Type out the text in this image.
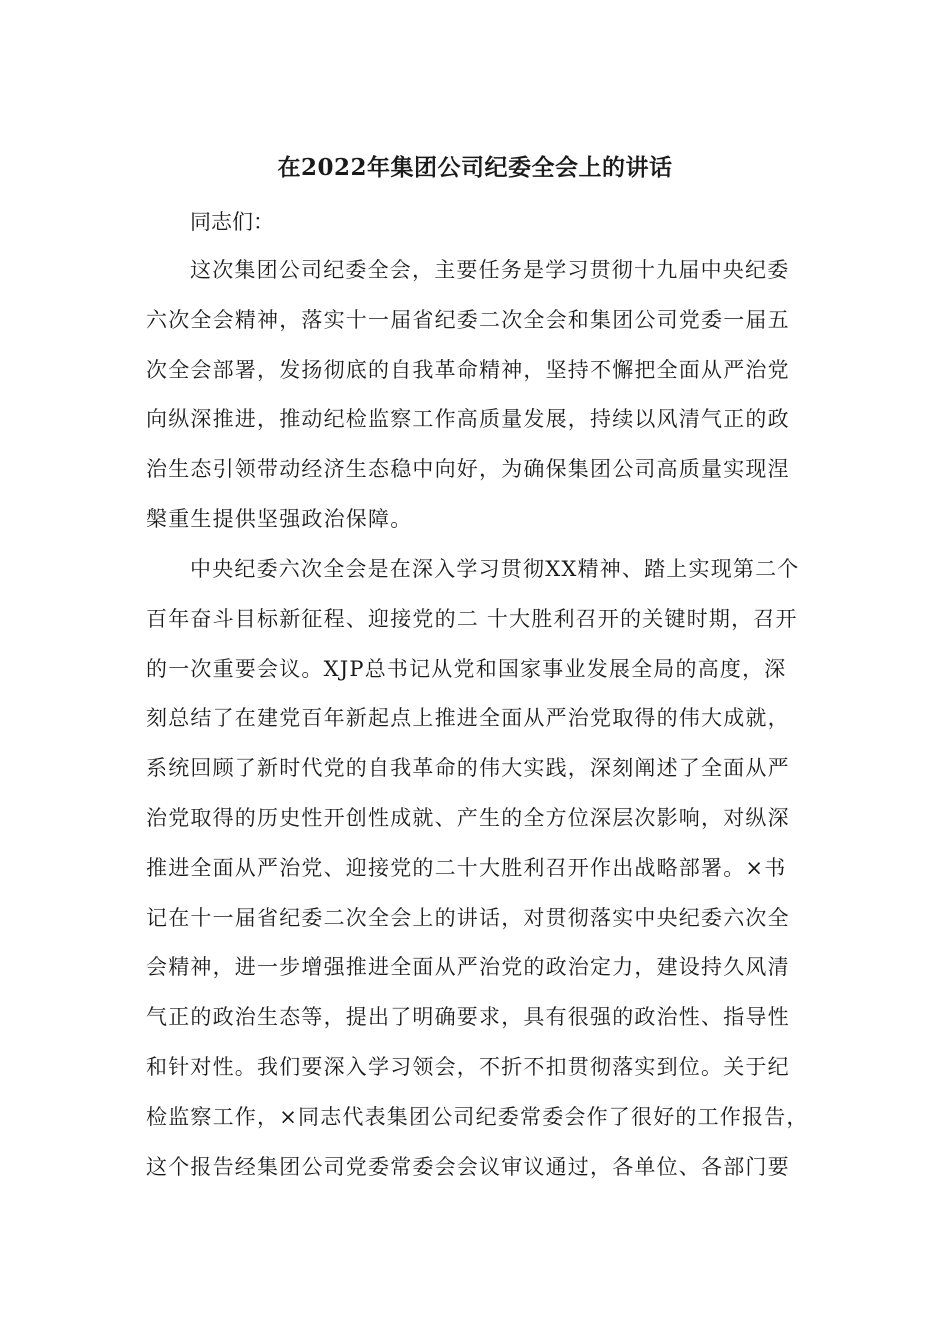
在2022年集团公司纪委全会上的讲话
同志们：
这次集团公司纪委全会，主要任务是学习贯彻十九届中央纪委
六次全会精神，落实十一届省纪委二次全会和集团公司党委一届五
次全会部署，发扬彻底的自我革命精神，坚持不懈把全面从严治党
向纵深推进，推动纪检监察工作高质量发展，持续以风清气正的政
治生态引领带动经济生态稳中向好，为确保集团公司高质量实现涅
槃重生提供坚强政治保障。
中央纪委六次全会是在深入学习贯彻XX精神、踏上实现第二个
百年奋斗目标新征程、迎接党的二 十大胜利召开的关键时期，召开
的一次重要会议。XJP总书记从党和国家事业发展全局的高度，深
刻总结了在建党百年新起点上推进全面从严治党取得的伟大成就，
系统回顾了新时代党的自我革命的伟大实践，深刻阐述了全面从严
治党取得的历史性开创性成就、产生的全方位深层次影响，对纵深
推进全面从严治党、迎接党的二十大胜利召开作出战略部署。×书
记在十一届省纪委二次全会上的讲话，对贯彻落实中央纪委六次全
会精神，进一步增强推进全面从严治党的政治定力，建设持久风清
气正的政治生态等，提出了明确要求，具有很强的政治性、指导性
和针对性。我们要深入学习领会，不折不扣贯彻落实到位。关于纪
检监察工作，×同志代表集团公司纪委常委会作了很好的工作报告，
这个报告经集团公司党委常委会会议审议通过，各单位、各部门要
